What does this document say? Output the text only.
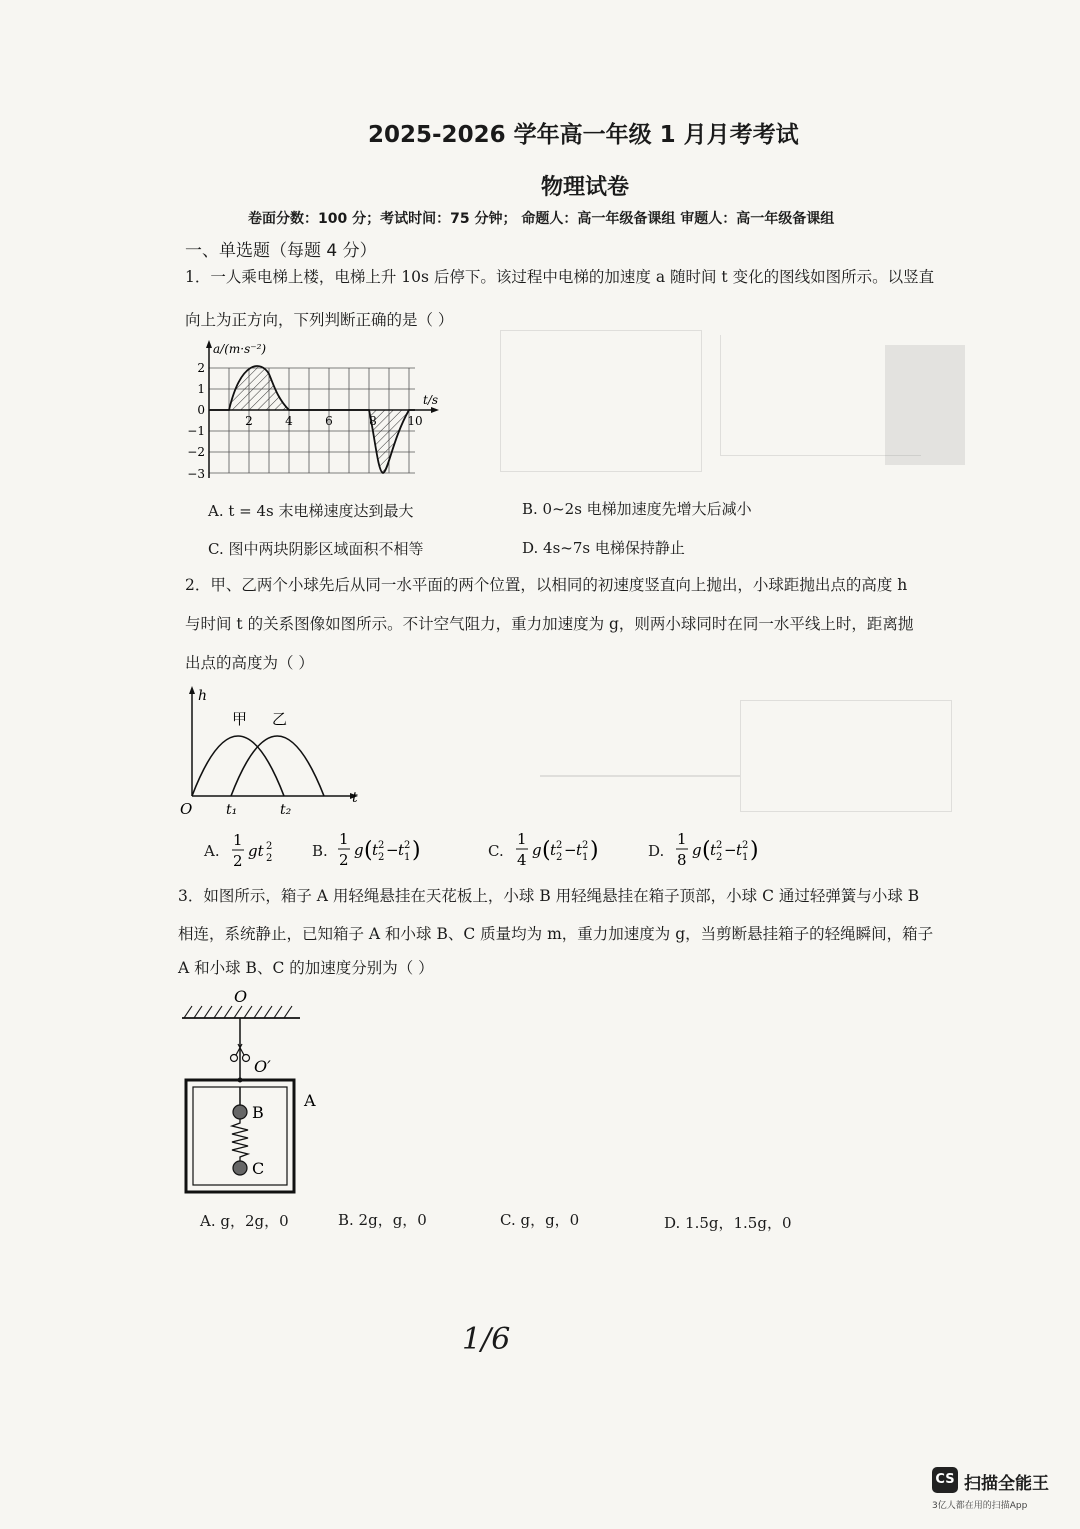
2025-2026 学年高一年级 1 月月考考试
物理试卷
卷面分数：100 分；考试时间：75 分钟； 命题人：高一年级备课组 审题人：高一年级备课组
一、单选题（每题 4 分）
1．一人乘电梯上楼，电梯上升 10s 后停下。该过程中电梯的加速度 a 随时间 t 变化的图线如图所示。以竖直
向上为正方向，下列判断正确的是（ ）
a/(m·s⁻²)
t/s
2
1
0
−1
−2
−3
2	4	6	8	10
A. t = 4s 末电梯速度达到最大	B. 0~2s 电梯加速度先增大后减小
C. 图中两块阴影区域面积不相等	D. 4s~7s 电梯保持静止
2．甲、乙两个小球先后从同一水平面的两个位置，以相同的初速度竖直向上抛出，小球距抛出点的高度 h
与时间 t 的关系图像如图所示。不计空气阻力，重力加速度为 g，则两小球同时在同一水平线上时，距离抛
出点的高度为（ ）
h
t
O
甲 乙
t₁	t₂
A.
1
2
gt 2
2	B.
1
2
g ( t 2
2 − t 2
1 )	C.
1
4
g ( t 2
2 − t 2
1 )	D.
1
8
g ( t 2
2 − t 2
1 )
3．如图所示，箱子 A 用轻绳悬挂在天花板上，小球 B 用轻绳悬挂在箱子顶部，小球 C 通过轻弹簧与小球 B
相连，系统静止，已知箱子 A 和小球 B、C 质量均为 m，重力加速度为 g，当剪断悬挂箱子的轻绳瞬间，箱子
A 和小球 B、C 的加速度分别为（ ）
O
O′
A
B
C
A. g，2g，0	B. 2g，g，0	C. g，g，0	D. 1.5g，1.5g，0
1/6
CS 扫描全能王
3亿人都在用的扫描App
